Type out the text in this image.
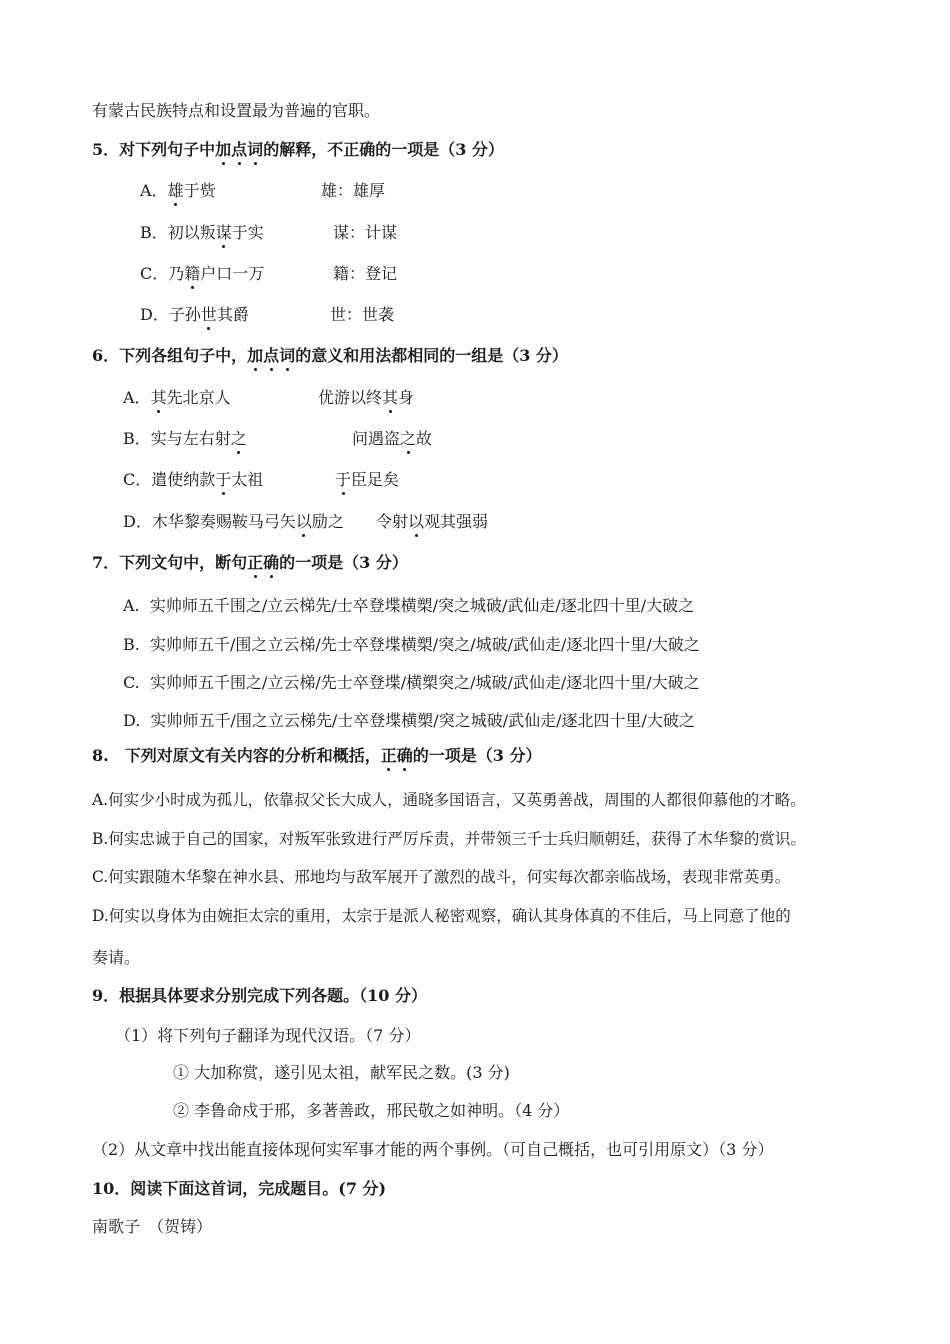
有蒙古民族特点和设置最为普遍的官职。
5．对下列句子中加点词的解释，不正确的一项是（3 分）
A．雄于赀	雄：雄厚
B．初以叛谋于实	谋：计谋
C．乃籍户口一万	籍：登记
D．子孙世其爵	世：世袭
6．下列各组句子中，加点词的意义和用法都相同的一组是（3 分）
A．其先北京人	优游以终其身
B．实与左右射之	问遇盗之故
C．遣使纳款于太祖	于臣足矣
D．木华黎奏赐鞍马弓矢以励之 令射以观其强弱
7．下列文句中，断句正确的一项是（3 分）
A. 实帅师五千围之/立云梯先/士卒登堞横槊/突之城破/武仙走/逐北四十里/大破之
B. 实帅师五千/围之立云梯/先士卒登堞横槊/突之/城破/武仙走/逐北四十里/大破之
C. 实帅师五千围之/立云梯/先士卒登堞/横槊突之/城破/武仙走/逐北四十里/大破之
D. 实帅师五千/围之立云梯先/士卒登堞横槊/突之城破/武仙走/逐北四十里/大破之
8.　下列对原文有关内容的分析和概括，正确的一项是（3 分）
A.何实少小时成为孤儿，依靠叔父长大成人，通晓多国语言，又英勇善战，周围的人都很仰慕他的才略。
B.何实忠诚于自己的国家，对叛军张致进行严厉斥责，并带领三千士兵归顺朝廷，获得了木华黎的赏识。
C.何实跟随木华黎在神水县、邢地均与敌军展开了激烈的战斗，何实每次都亲临战场，表现非常英勇。
D.何实以身体为由婉拒太宗的重用，太宗于是派人秘密观察，确认其身体真的不佳后，马上同意了他的
奏请。
9．根据具体要求分别完成下列各题。（10 分）
（1）将下列句子翻译为现代汉语。（7 分）
① 大加称赏，遂引见太祖，献军民之数。(3 分)
② 李鲁命戍于邢，多著善政，邢民敬之如神明。（4 分）
（2）从文章中找出能直接体现何实军事才能的两个事例。（可自己概括，也可引用原文）（3 分）
10．阅读下面这首词，完成题目。(7 分)
南歌子　（贺铸）
